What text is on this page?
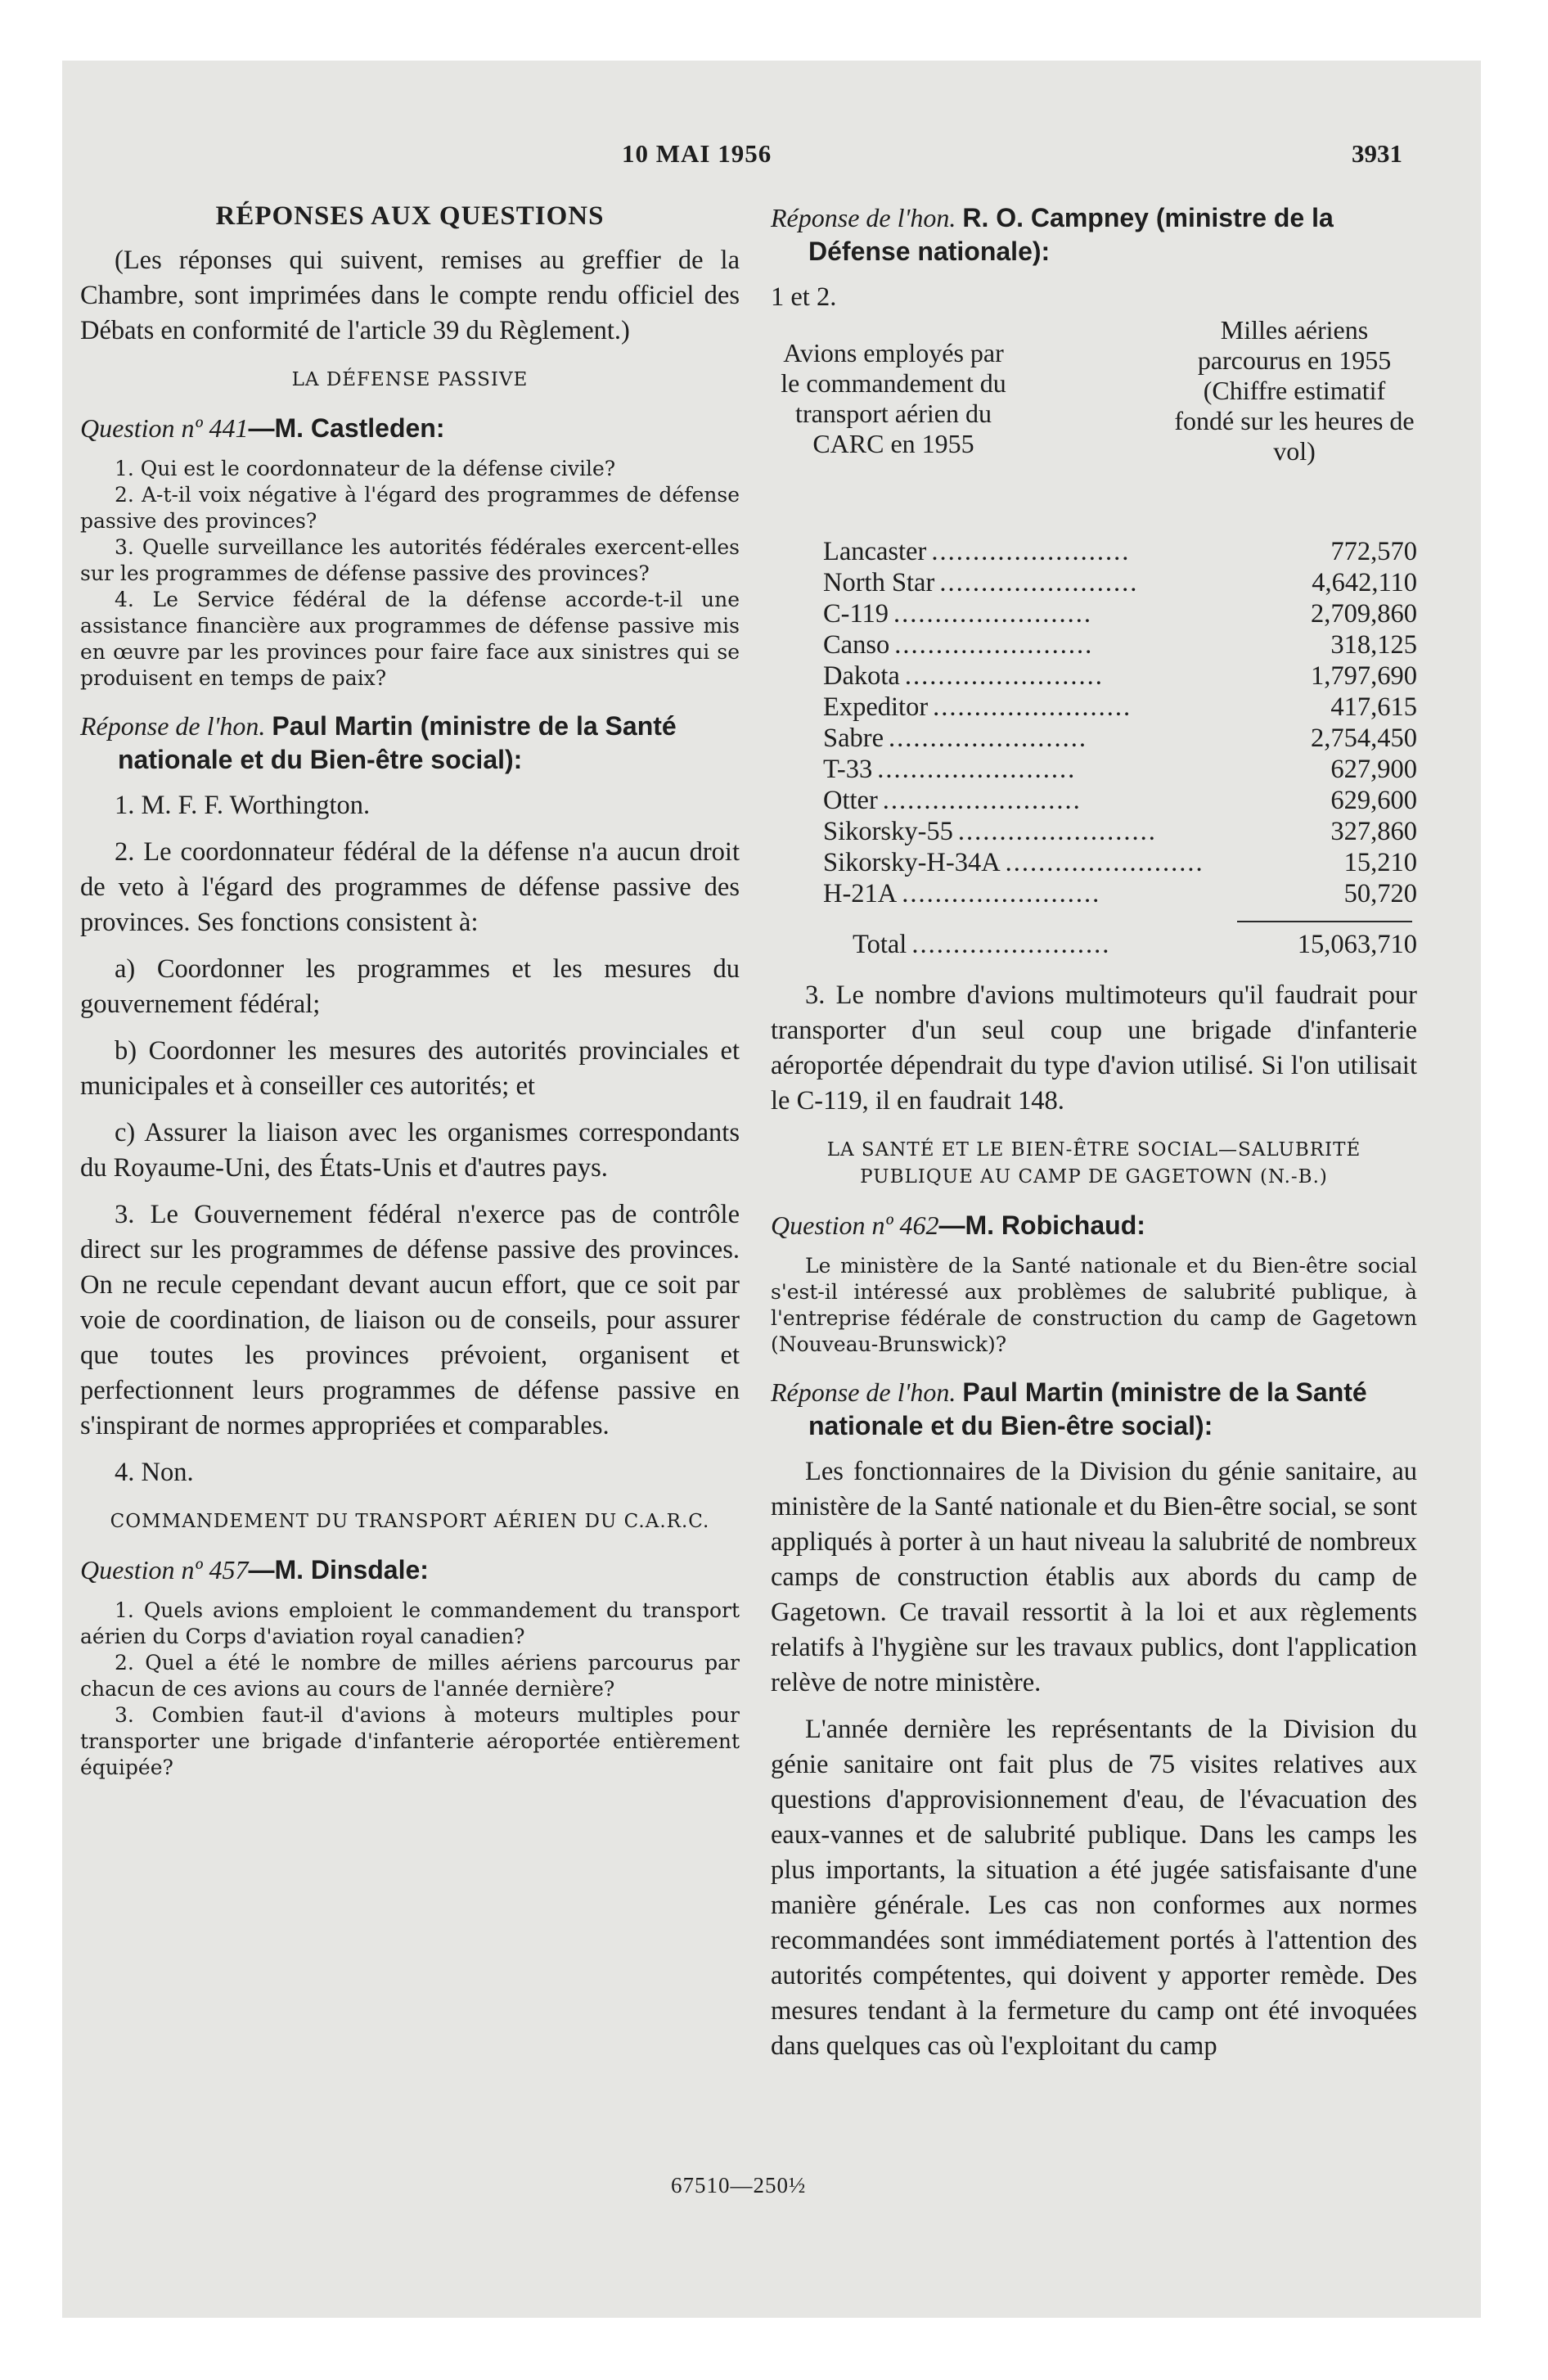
10 MAI 1956	3931
RÉPONSES AUX QUESTIONS

(Les réponses qui suivent, remises au greffier de la Chambre, sont imprimées dans le compte rendu officiel des Débats en conformité de l'article 39 du Règlement.)

LA DÉFENSE PASSIVE

Question nº 441—M. Castleden:

1. Qui est le coordonnateur de la défense civile?

2. A-t-il voix négative à l'égard des programmes de défense passive des provinces?

3. Quelle surveillance les autorités fédérales exercent-elles sur les programmes de défense passive des provinces?

4. Le Service fédéral de la défense accorde-t-il une assistance financière aux programmes de défense passive mis en œuvre par les provinces pour faire face aux sinistres qui se produisent en temps de paix?

Réponse de l'hon. Paul Martin (ministre de la Santé nationale et du Bien-être social):

1. M. F. F. Worthington.

2. Le coordonnateur fédéral de la défense n'a aucun droit de veto à l'égard des programmes de défense passive des provinces. Ses fonctions consistent à:

a) Coordonner les programmes et les mesures du gouvernement fédéral;

b) Coordonner les mesures des autorités provinciales et municipales et à conseiller ces autorités; et

c) Assurer la liaison avec les organismes correspondants du Royaume-Uni, des États-Unis et d'autres pays.

3. Le Gouvernement fédéral n'exerce pas de contrôle direct sur les programmes de défense passive des provinces. On ne recule cependant devant aucun effort, que ce soit par voie de coordination, de liaison ou de conseils, pour assurer que toutes les provinces prévoient, organisent et perfectionnent leurs programmes de défense passive en s'inspirant de normes appropriées et comparables.

4. Non.

COMMANDEMENT DU TRANSPORT AÉRIEN DU C.A.R.C.

Question nº 457—M. Dinsdale:

1. Quels avions emploient le commandement du transport aérien du Corps d'aviation royal canadien?

2. Quel a été le nombre de milles aériens parcourus par chacun de ces avions au cours de l'année dernière?

3. Combien faut-il d'avions à moteurs multiples pour transporter une brigade d'infanterie aéroportée entièrement équipée?

Réponse de l'hon. R. O. Campney (ministre de la Défense nationale):

1 et 2.

Avions employés par le commandement du transport aérien du CARC en 1955
Milles aériens parcourus en 1955 (Chiffre estimatif fondé sur les heures de vol)
Lancaster ........................	772,570
North Star ........................	4,642,110
C-119 ........................	2,709,860
Canso ........................	318,125
Dakota ........................	1,797,690
Expeditor ........................	417,615
Sabre ........................	2,754,450
T-33 ........................	627,900
Otter ........................	629,600
Sikorsky-55 ........................	327,860
Sikorsky-H-34A ........................	15,210
H-21A ........................	50,720
Total ........................	15,063,710

3. Le nombre d'avions multimoteurs qu'il faudrait pour transporter d'un seul coup une brigade d'infanterie aéroportée dépendrait du type d'avion utilisé. Si l'on utilisait le C-119, il en faudrait 148.

LA SANTÉ ET LE BIEN-ÊTRE SOCIAL—SALUBRITÉ PUBLIQUE AU CAMP DE GAGETOWN (N.-B.)

Question nº 462—M. Robichaud:

Le ministère de la Santé nationale et du Bien-être social s'est-il intéressé aux problèmes de salubrité publique, à l'entreprise fédérale de construction du camp de Gagetown (Nouveau-Brunswick)?

Réponse de l'hon. Paul Martin (ministre de la Santé nationale et du Bien-être social):

Les fonctionnaires de la Division du génie sanitaire, au ministère de la Santé nationale et du Bien-être social, se sont appliqués à porter à un haut niveau la salubrité de nombreux camps de construction établis aux abords du camp de Gagetown. Ce travail ressortit à la loi et aux règlements relatifs à l'hygiène sur les travaux publics, dont l'application relève de notre ministère.

L'année dernière les représentants de la Division du génie sanitaire ont fait plus de 75 visites relatives aux questions d'approvisionnement d'eau, de l'évacuation des eaux-vannes et de salubrité publique. Dans les camps les plus importants, la situation a été jugée satisfaisante d'une manière générale. Les cas non conformes aux normes recommandées sont immédiatement portés à l'attention des autorités compétentes, qui doivent y apporter remède. Des mesures tendant à la fermeture du camp ont été invoquées dans quelques cas où l'exploitant du camp

67510—250½
